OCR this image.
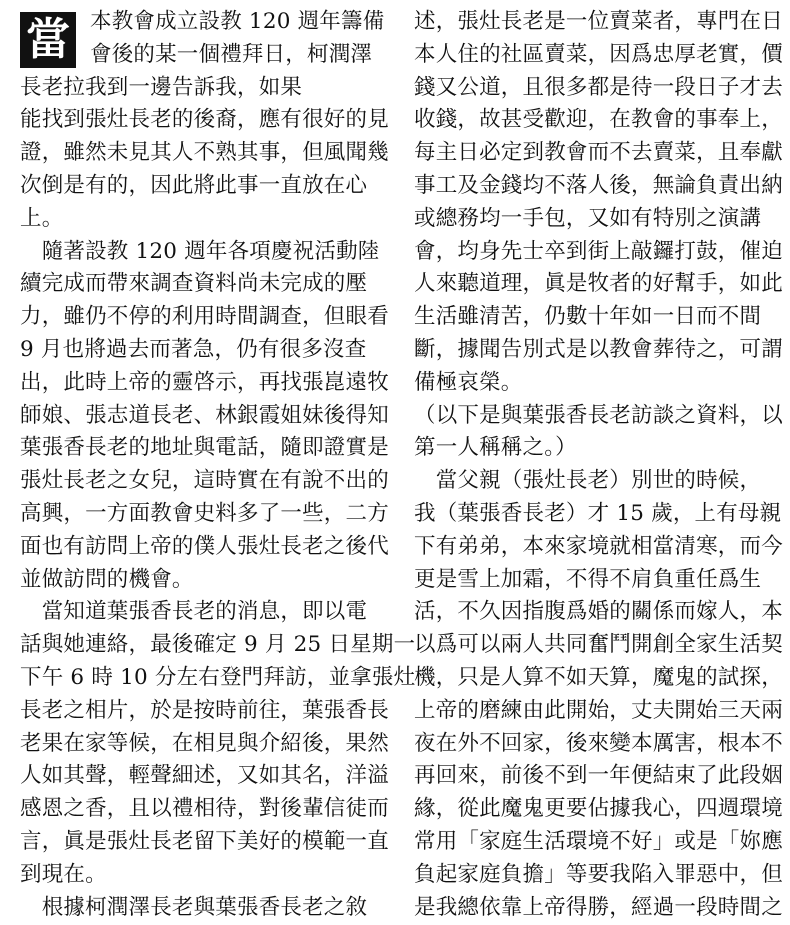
當 本教會成立設教 120 週年籌備
會後的某一個禮拜日，柯潤澤
長老拉我到一邊告訴我，如果
能找到張灶長老的後裔，應有很好的見
證，雖然未見其人不熟其事，但風聞幾
次倒是有的，因此將此事一直放在心
上。
　隨著設教 120 週年各項慶祝活動陸
續完成而帶來調查資料尚未完成的壓
力，雖仍不停的利用時間調查，但眼看
9 月也將過去而著急，仍有很多沒查
出，此時上帝的靈啓示，再找張崑遠牧
師娘、張志道長老、林銀霞姐妹後得知
葉張香長老的地址與電話，隨即證實是
張灶長老之女兒，這時實在有說不出的
高興，一方面教會史料多了一些，二方
面也有訪問上帝的僕人張灶長老之後代
並做訪問的機會。
　當知道葉張香長老的消息，即以電
話與她連絡，最後確定 9 月 25 日星期一
下午 6 時 10 分左右登門拜訪，並拿張灶
長老之相片，於是按時前往，葉張香長
老果在家等候，在相見與介紹後，果然
人如其聲，輕聲細述，又如其名，洋溢
感恩之香，且以禮相待，對後輩信徒而
言，眞是張灶長老留下美好的模範一直
到現在。
　根據柯潤澤長老與葉張香長老之敘
述，張灶長老是一位賣菜者，專門在日
本人住的社區賣菜，因爲忠厚老實，價
錢又公道，且很多都是待一段日子才去
收錢，故甚受歡迎，在教會的事奉上，
每主日必定到教會而不去賣菜，且奉獻
事工及金錢均不落人後，無論負責出納
或總務均一手包，又如有特別之演講
會，均身先士卒到街上敲鑼打鼓，催迫
人來聽道理，眞是牧者的好幫手，如此
生活雖清苦，仍數十年如一日而不間
斷，據聞告別式是以教會葬待之，可謂
備極哀榮。
（以下是與葉張香長老訪談之資料，以
第一人稱稱之。）
　當父親（張灶長老）別世的時候，
我（葉張香長老）才 15 歲，上有母親
下有弟弟，本來家境就相當清寒，而今
更是雪上加霜，不得不肩負重任爲生
活，不久因指腹爲婚的關係而嫁人，本
以爲可以兩人共同奮鬥開創全家生活契
機，只是人算不如天算，魔鬼的試探，
上帝的磨練由此開始，丈夫開始三天兩
夜在外不回家，後來變本厲害，根本不
再回來，前後不到一年便結束了此段姻
緣，從此魔鬼更要佔據我心，四週環境
常用「家庭生活環境不好」或是「妳應
負起家庭負擔」等要我陷入罪惡中，但
是我總依靠上帝得勝，經過一段時間之
